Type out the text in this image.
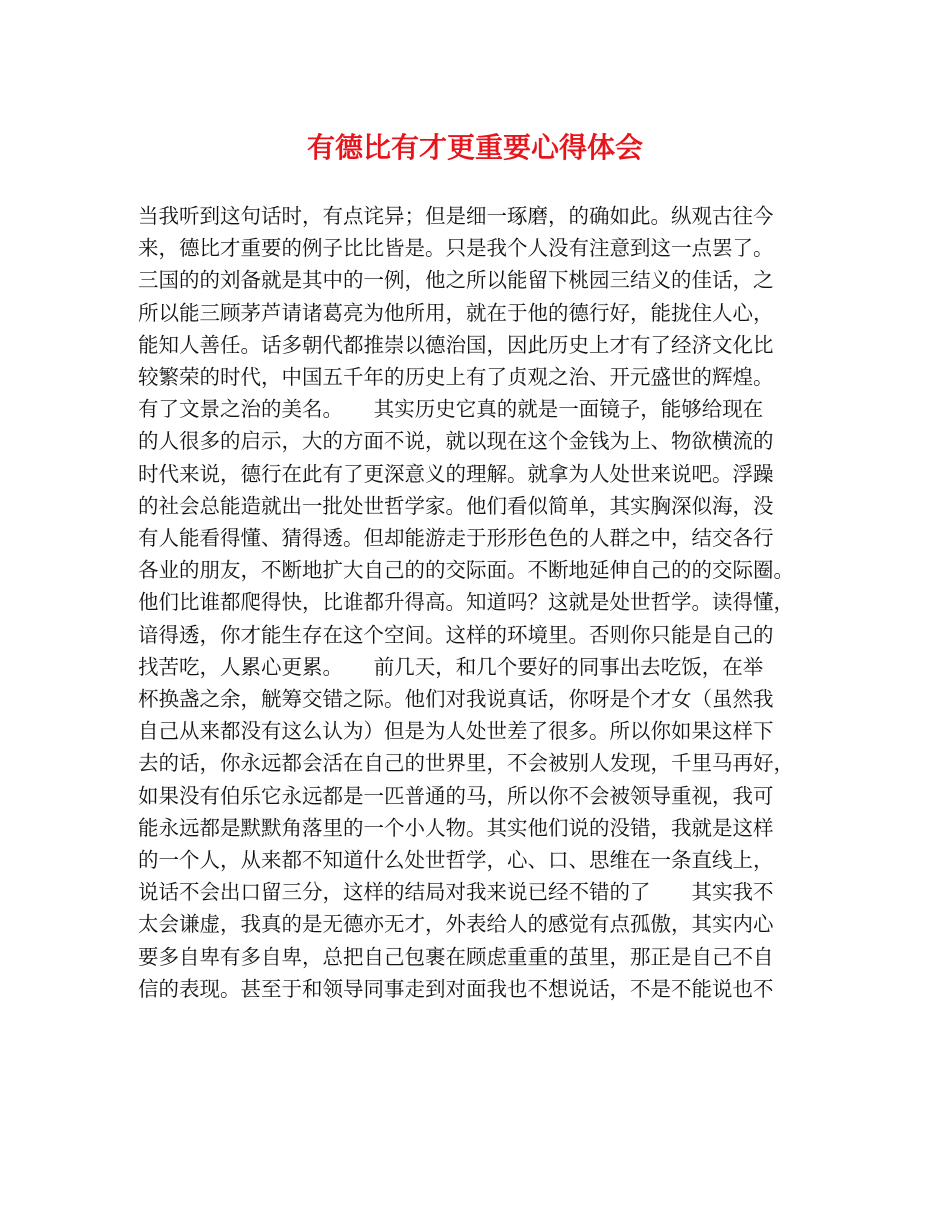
有德比有才更重要心得体会
当我听到这句话时，有点诧异；但是细一琢磨，的确如此。纵观古往今
来，德比才重要的例子比比皆是。只是我个人没有注意到这一点罢了。
三国的的刘备就是其中的一例，他之所以能留下桃园三结义的佳话，之
所以能三顾茅芦请诸葛亮为他所用，就在于他的德行好，能拢住人心，
能知人善任。话多朝代都推崇以德治国，因此历史上才有了经济文化比
较繁荣的时代，中国五千年的历史上有了贞观之治、开元盛世的辉煌。
有了文景之治的美名。　　其实历史它真的就是一面镜子，能够给现在
的人很多的启示，大的方面不说，就以现在这个金钱为上、物欲横流的
时代来说，德行在此有了更深意义的理解。就拿为人处世来说吧。浮躁
的社会总能造就出一批处世哲学家。他们看似简单，其实胸深似海，没
有人能看得懂、猜得透。但却能游走于形形色色的人群之中，结交各行
各业的朋友，不断地扩大自己的的交际面。不断地延伸自己的的交际圈。
他们比谁都爬得快，比谁都升得高。知道吗？这就是处世哲学。读得懂，
谙得透，你才能生存在这个空间。这样的环境里。否则你只能是自己的
找苦吃，人累心更累。　　前几天，和几个要好的同事出去吃饭，在举
杯换盏之余，觥筹交错之际。他们对我说真话，你呀是个才女（虽然我
自己从来都没有这么认为）但是为人处世差了很多。所以你如果这样下
去的话，你永远都会活在自己的世界里，不会被别人发现，千里马再好，
如果没有伯乐它永远都是一匹普通的马，所以你不会被领导重视，我可
能永远都是默默角落里的一个小人物。其实他们说的没错，我就是这样
的一个人，从来都不知道什么处世哲学，心、口、思维在一条直线上，
说话不会出口留三分，这样的结局对我来说已经不错的了　　其实我不
太会谦虚，我真的是无德亦无才，外表给人的感觉有点孤傲，其实内心
要多自卑有多自卑，总把自己包裹在顾虑重重的茧里，那正是自己不自
信的表现。甚至于和领导同事走到对面我也不想说话，不是不能说也不
